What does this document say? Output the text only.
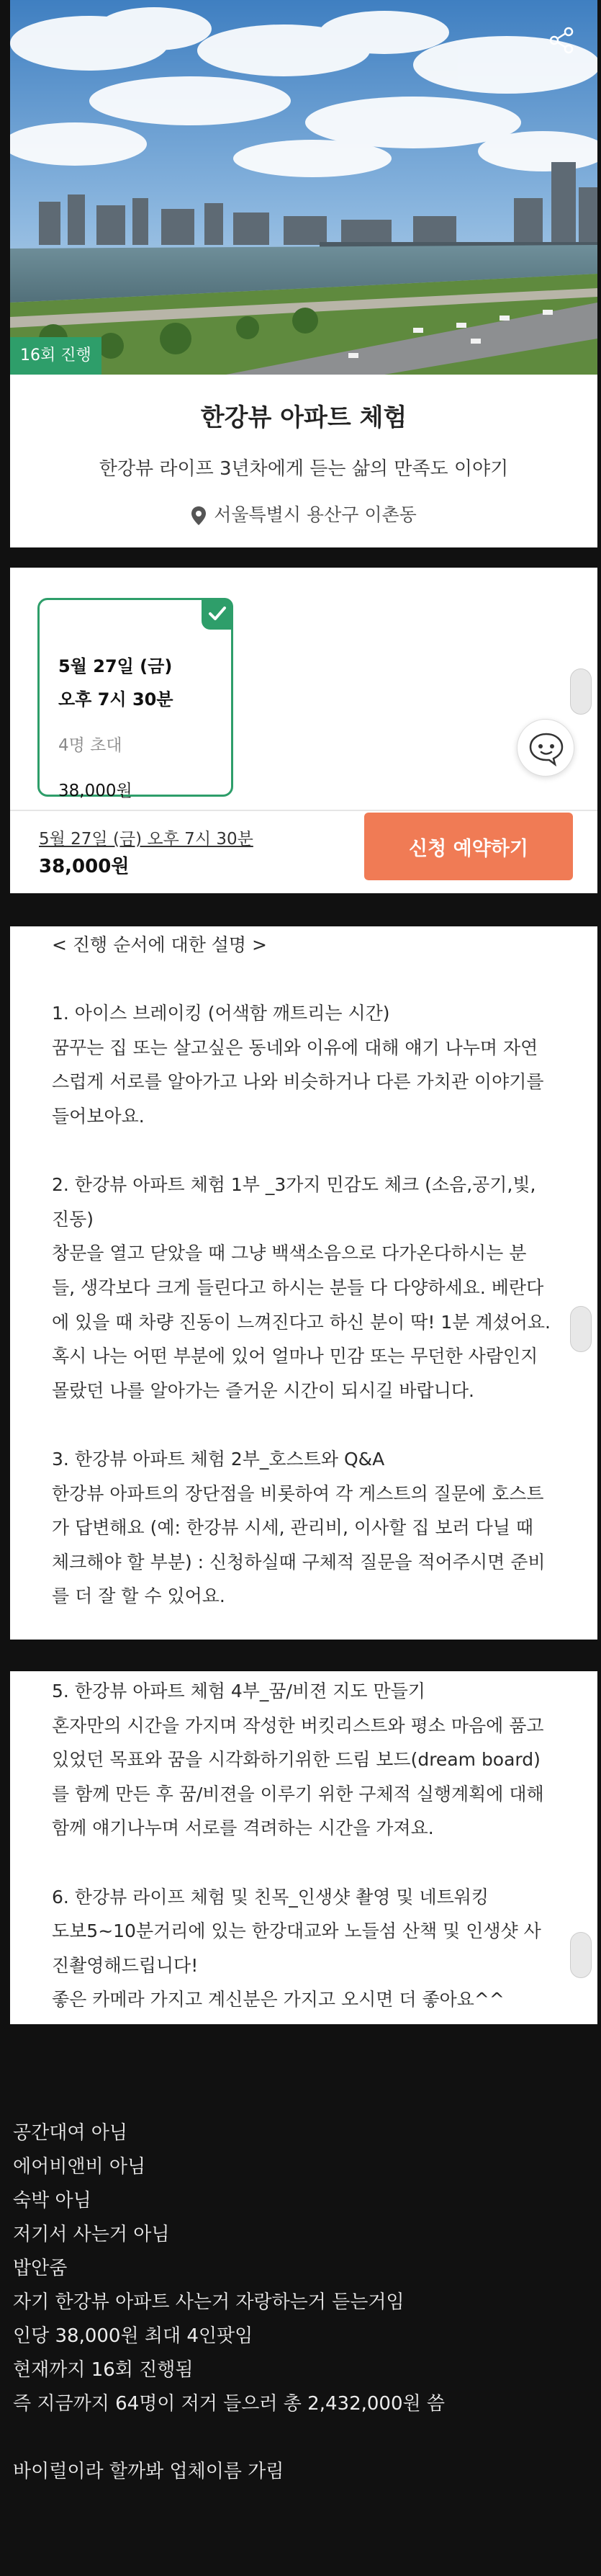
16회 진행
한강뷰 아파트 체험
한강뷰 라이프 3년차에게 듣는 삶의 만족도 이야기
서울특별시 용산구 이촌동
5월 27일 (금)
오후 7시 30분
4명 초대
38,000원
5월 27일 (금) 오후 7시 30분
38,000원
신청 예약하기
< 진행 순서에 대한 설명 >
1. 아이스 브레이킹 (어색함 깨트리는 시간)
꿈꾸는 집 또는 살고싶은 동네와 이유에 대해 얘기 나누며 자연
스럽게 서로를 알아가고 나와 비슷하거나 다른 가치관 이야기를
들어보아요.
2. 한강뷰 아파트 체험 1부 _3가지 민감도 체크 (소음,공기,빛,
진동)
창문을 열고 닫았을 때 그냥 백색소음으로 다가온다하시는 분
들, 생각보다 크게 들린다고 하시는 분들 다 다양하세요. 베란다
에 있을 때 차량 진동이 느껴진다고 하신 분이 딱! 1분 계셨어요.
혹시 나는 어떤 부분에 있어 얼마나 민감 또는 무던한 사람인지
몰랐던 나를 알아가는 즐거운 시간이 되시길 바랍니다.
3. 한강뷰 아파트 체험 2부_호스트와 Q&A
한강뷰 아파트의 장단점을 비롯하여 각 게스트의 질문에 호스트
가 답변해요 (예: 한강뷰 시세, 관리비, 이사할 집 보러 다닐 때
체크해야 할 부분) : 신청하실때 구체적 질문을 적어주시면 준비
를 더 잘 할 수 있어요.
5. 한강뷰 아파트 체험 4부_꿈/비젼 지도 만들기
혼자만의 시간을 가지며 작성한 버킷리스트와 평소 마음에 품고
있었던 목표와 꿈을 시각화하기위한 드림 보드(dream board)
를 함께 만든 후 꿈/비젼을 이루기 위한 구체적 실행계획에 대해
함께 얘기나누며 서로를 격려하는 시간을 가져요.
6. 한강뷰 라이프 체험 및 친목_인생샷 촬영 및 네트워킹
도보5~10분거리에 있는 한강대교와 노들섬 산책 및 인생샷 사
진촬영해드립니다!
좋은 카메라 가지고 계신분은 가지고 오시면 더 좋아요^^
공간대여 아님
에어비앤비 아님
숙박 아님
저기서 사는거 아님
밥안줌
자기 한강뷰 아파트 사는거 자랑하는거 듣는거임
인당 38,000원 최대 4인팟임
현재까지 16회 진행됨
즉 지금까지 64명이 저거 들으러 총 2,432,000원 씀
바이럴이라 할까봐 업체이름 가림
